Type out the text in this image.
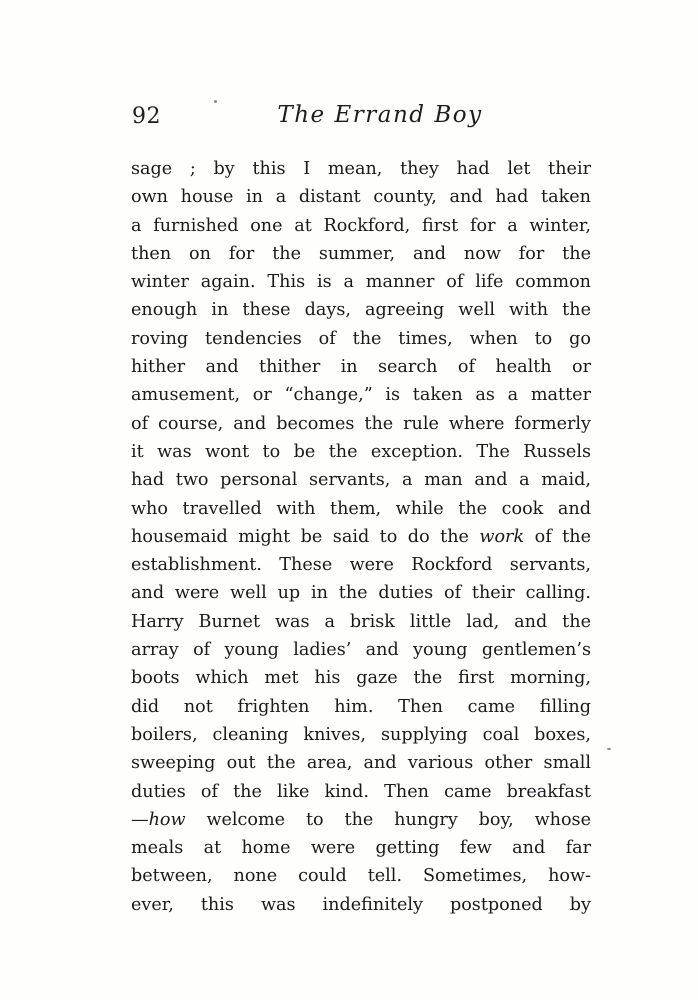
92	The Errand Boy
sage ; by this I mean, they had let their
own house in a distant county, and had taken
a furnished one at Rockford, first for a winter,
then on for the summer, and now for the
winter again. This is a manner of life common
enough in these days, agreeing well with the
roving tendencies of the times, when to go
hither and thither in search of health or
amusement, or “change,” is taken as a matter
of course, and becomes the rule where formerly
it was wont to be the exception. The Russels
had two personal servants, a man and a maid,
who travelled with them, while the cook and
housemaid might be said to do the work of the
establishment. These were Rockford servants,
and were well up in the duties of their calling.
Harry Burnet was a brisk little lad, and the
array of young ladies’ and young gentlemen’s
boots which met his gaze the first morning,
did not frighten him. Then came filling
boilers, cleaning knives, supplying coal boxes,
sweeping out the area, and various other small
duties of the like kind. Then came breakfast
—how welcome to the hungry boy, whose
meals at home were getting few and far
between, none could tell. Sometimes, how-
ever, this was indefinitely postponed by
